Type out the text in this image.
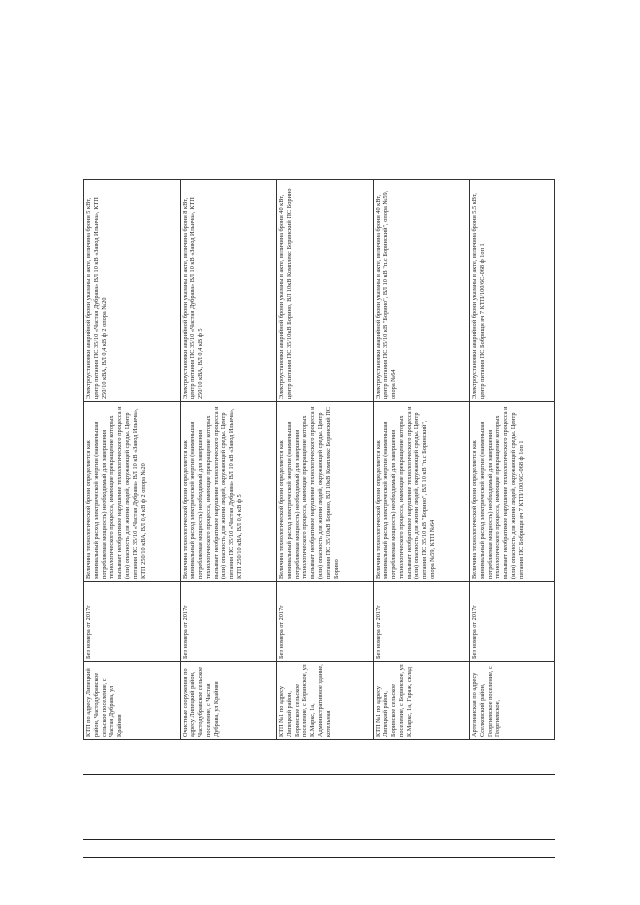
КТП по адресу Липецкий район, Частодубравское сельское поселение, с Частая Дубрава, ул Крайняя	Без номера от 2017г	Величина технологической брони определяется как минимальный расход электрической энергии (наименьшая потребляемая мощность) необходимый для завершения технологического процесса, имеющие прекращение которых вызывает необратимое нарушение технологического процесса и (или) опасность для жизни людей, окружающей среды. Центр питания ПС 35/10 «Частая Дубрава» ВЛ 10 кВ «Завод Ильича», КТП 250/10 кВА, ВЛ 0,4 кВ ф 2 опора №20	Электроустановки аварийной брони указаны в акте, величина брони 5 кВт, центр питания ПС 35/10 «Частая Дубрава» ВЛ 10 кВ «Завод Ильича», КТП 250/10 кВА, ВЛ 0,4 кВ ф 2 опора №20

Очистные сооружения по адресу Липецкий район, Частодубравское сельское поселение, с Частая Дубрава, ул Крайняя	Без номера от 2017г	Величина технологической брони определяется как минимальный расход электрической энергии (наименьшая потребляемая мощность) необходимый для завершения технологического процесса, имеющие прекращение которых вызывает необратимое нарушение технологического процесса и (или) опасность для жизни людей, окружающей среды. Центр питания ПС 35/10 «Частая Дубрава» ВЛ 10 кВ «Завод Ильича», КТП 250/10 кВА, ВЛ 0,4 кВ ф 5	Электроустановки аварийной брони указаны в акте, величина брони 8 кВт, центр питания ПС 35/10 «Частая Дубрава» ВЛ 10 кВ «Завод Ильича», КТП 250/10 кВА, ВЛ 0,4 кВ ф 5

КТП №1 по адресу Липецкий район, Боринское сельское поселение, с Боринское, ул К.Маркс, 1а, Административное здание, котельная	Без номера от 2017г	Величина технологической брони определяется как минимальный расход электрической энергии (наименьшая потребляемая мощность) необходимый для завершения технологического процесса, имеющие прекращение которых вызывает необратимое нарушение технологического процесса и (или) опасность для жизни людей, окружающей среды. Центр питания ПС 35/10кВ Борино, ВЛ 10кВ Комплекс Боринский ПС Борино	Электроустановки аварийной брони указаны в акте, величина брони 40 кВт, центр питания ПС 35/10кВ Борино, ВЛ 10кВ Комплекс Боринский ПС Борино

КТП №1 по адресу Липецкий район, Боринское сельское поселение, с Боринское, ул К.Маркс, 1а, Гараж, склад	Без номера от 2017г	Величина технологической брони определяется как минимальный расход электрической энергии (наименьшая потребляемая мощность) необходимый для завершения технологического процесса, имеющие прекращение которых вызывает необратимое нарушение технологического процесса и (или) опасность для жизни людей, окружающей среды. Центр питания ПС 35/10 кВ "Борино", ВЛ 10 кВ "п.с Боринский", опора №59, КТП №64	Электроустановки аварийной брони указаны в акте, величина брони 40 кВт, центр питания ПС 35/10 кВ "Борино", ВЛ 10 кВ "п.с Боринский", опора №59, опора №64

Артезианская по адресу Сселковский район, Георгиевское поселение, с Георгиевское,	Без номера от 2017г	Величина технологической брони определяется как минимальный расход электрической энергии (наименьшая потребляемая мощность) необходимый для завершения технологического процесса, имеющие прекращение которых вызывает необратимое нарушение технологического процесса и (или) опасность для жизни людей, окружающей среды. Центр питания ПС Бобрищи яч 7 КТП/100/6С-068 ф 1оп 1	Электроустановки аварийной брони указаны в акте, величина брони 5.5 кВт, центр питания ПС Бобрищи яч 7 КТП/100/6С-068 ф 1оп 1
